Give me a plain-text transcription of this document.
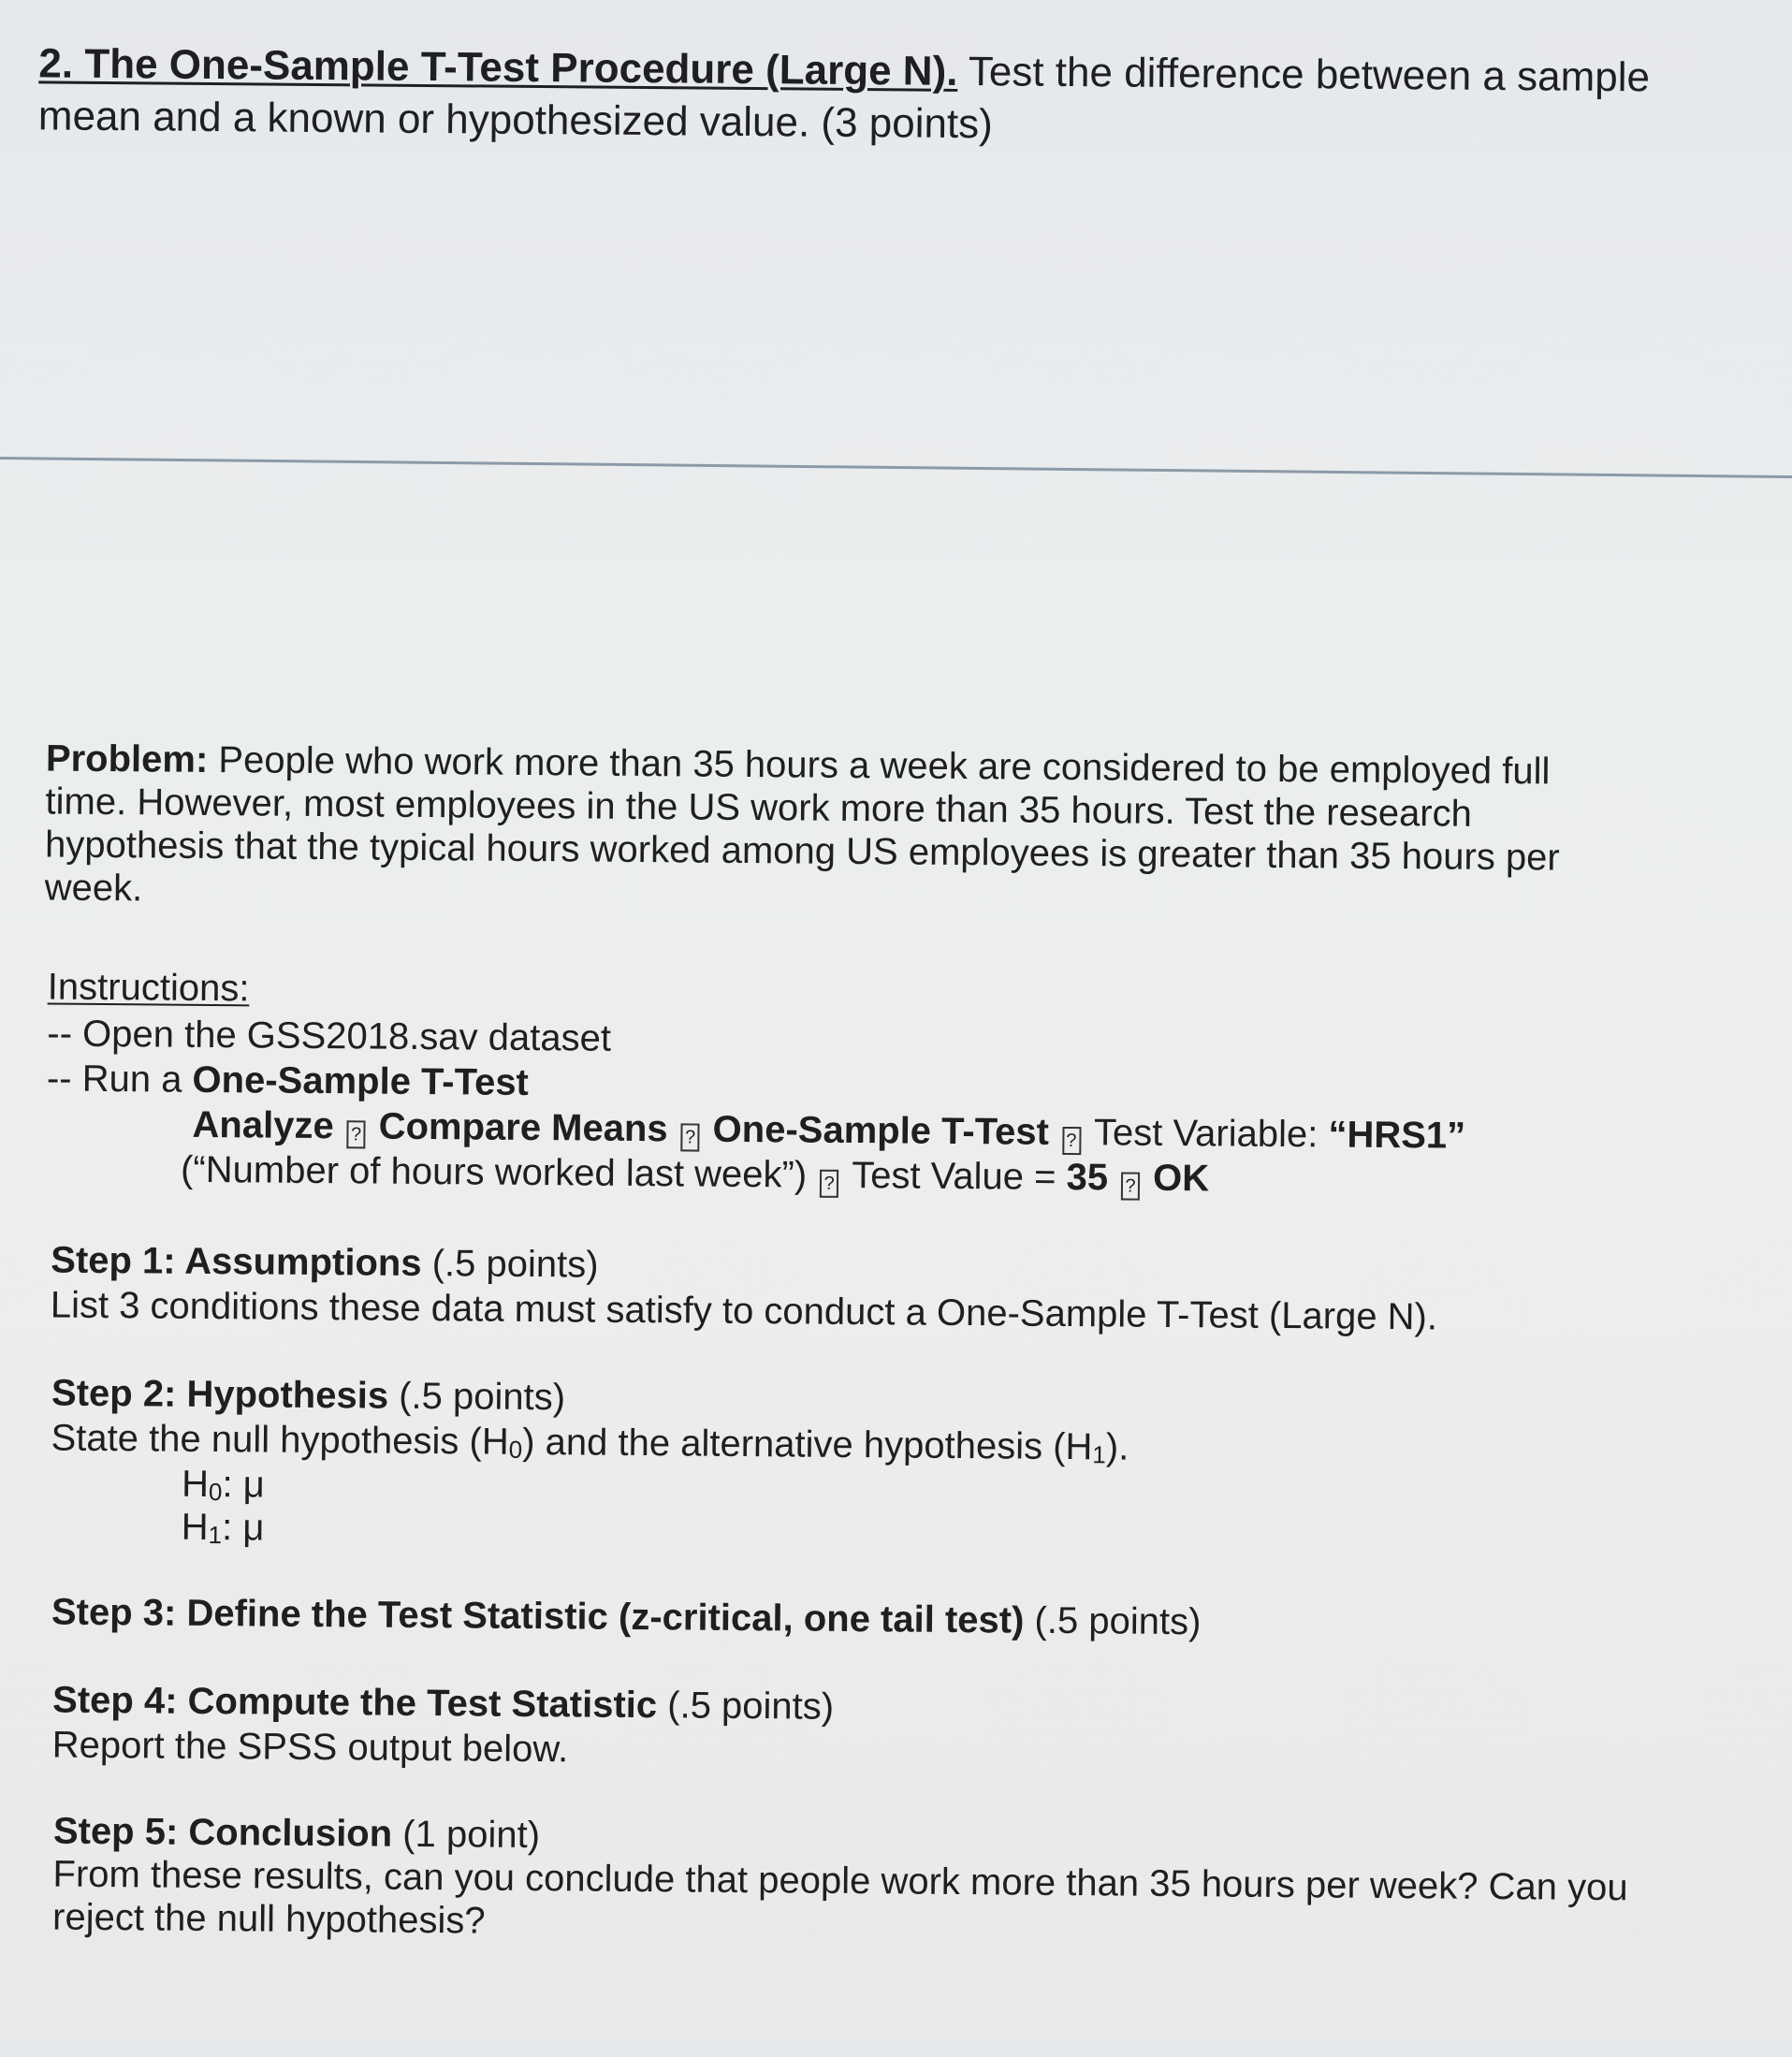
2. The One-Sample T-Test Procedure (Large N). Test the difference between a sample
mean and a known or hypothesized value. (3 points)
Problem: People who work more than 35 hours a week are considered to be employed full
time. However, most employees in the US work more than 35 hours. Test the research
hypothesis that the typical hours worked among US employees is greater than 35 hours per
week.
Instructions:
-- Open the GSS2018.sav dataset
-- Run a One-Sample T-Test
Analyze ? Compare Means ? One-Sample T-Test ? Test Variable: “HRS1”
(“Number of hours worked last week”) ? Test Value = 35 ? OK
Step 1: Assumptions (.5 points)
List 3 conditions these data must satisfy to conduct a One-Sample T-Test (Large N).
Step 2: Hypothesis (.5 points)
State the null hypothesis $(H_0)$ and the alternative hypothesis $(H_1)$.
$H_0$: μ
$H_1$: μ
Step 3: Define the Test Statistic (z-critical, one tail test) (.5 points)
Step 4: Compute the Test Statistic (.5 points)
Report the SPSS output below.
Step 5: Conclusion (1 point)
From these results, can you conclude that people work more than 35 hours per week? Can you
reject the null hypothesis?
